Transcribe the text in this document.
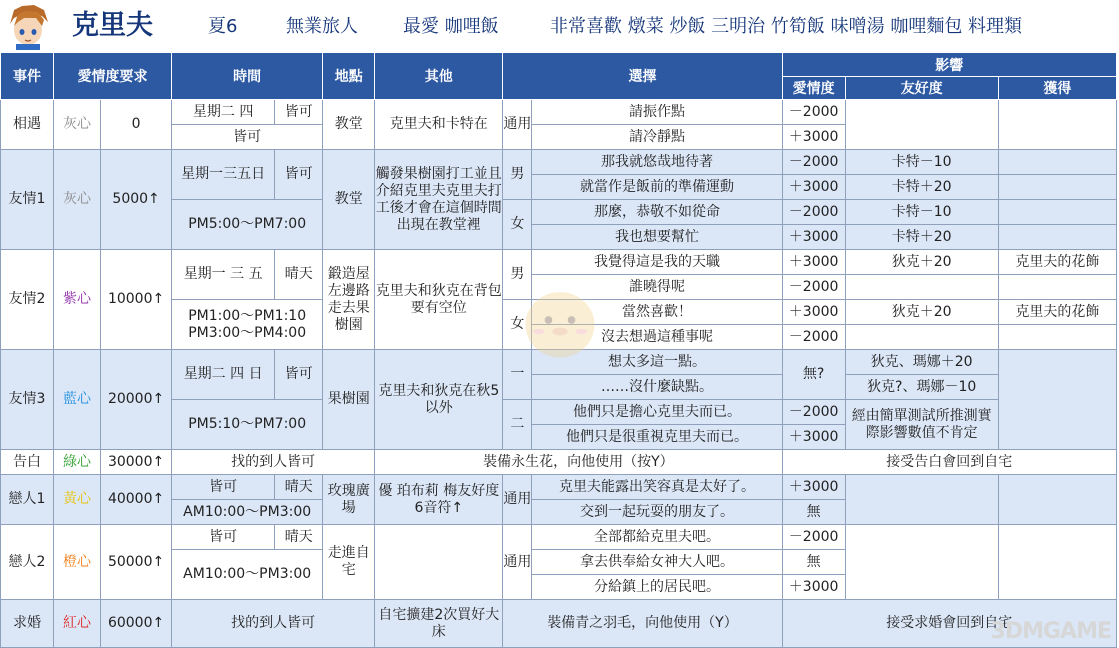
克里夫	夏6	無業旅人	最愛 咖哩飯	非常喜歡 燉菜 炒飯 三明治 竹筍飯 味噌湯 咖哩麵包 料理類
事件	愛情度要求		時間		地點	其他	選擇		影響		
									愛情度	友好度	獲得
相遇	灰心	0	星期二 四	皆可	教堂	克里夫和卡特在	通用	請振作點	－2000		
			皆可					請冷靜點	＋3000		
友情1	灰心	5000↑	星期一三五日	皆可	教堂	觸發果樹園打工並且介紹克里夫克里夫打工後才會在這個時間出現在教堂裡	男	那我就悠哉地待著	－2000	卡特－10	
								就當作是飯前的準備運動	＋3000	卡特＋20	
			PM5:00～PM7:00				女	那麼，恭敬不如從命	－2000	卡特－10	
								我也想要幫忙	＋3000	卡特＋20	
友情2	紫心	10000↑	星期一 三 五	晴天	鍛造屋左邊路走去果樹園	克里夫和狄克在背包要有空位	男	我覺得這是我的天職	＋3000	狄克＋20	克里夫的花飾
								誰曉得呢	－2000		
			PM1:00～PM1:10 PM3:00～PM4:00				女	當然喜歡！	＋3000	狄克＋20	克里夫的花飾
								沒去想過這種事呢	－2000		
友情3	藍心	20000↑	星期二 四 日	皆可	果樹園	克里夫和狄克在秋5 以外	一	想太多這一點。	無?	狄克、瑪娜＋20	
								……沒什麼缺點。		狄克?、瑪娜－10	
			PM5:10～PM7:00				二	他們只是擔心克里夫而已。	－2000	經由簡單測試所推測實際影響數值不肯定	
								他們只是很重視克里夫而已。	＋3000		
告白	綠心	30000↑	找的到人皆可			裝備永生花，向他使用（按Y）			接受告白會回到自宅		
戀人1	黃心	40000↑	皆可	晴天	玫瑰廣場	優 珀布莉 梅友好度 6音符↑	通用	克里夫能露出笑容真是太好了。	＋3000		
			AM10:00～PM3:00					交到一起玩耍的朋友了。	無		
戀人2	橙心	50000↑	皆可	晴天	走進自宅		通用	全部都給克里夫吧。	－2000		
			AM10:00～PM3:00					拿去供奉給女神大人吧。	無		
								分給鎮上的居民吧。	＋3000		
求婚	紅心	60000↑	找的到人皆可			自宅擴建2次買好大床	裝備青之羽毛，向他使用（Y）		接受求婚會回到自宅		
3DMGAME
